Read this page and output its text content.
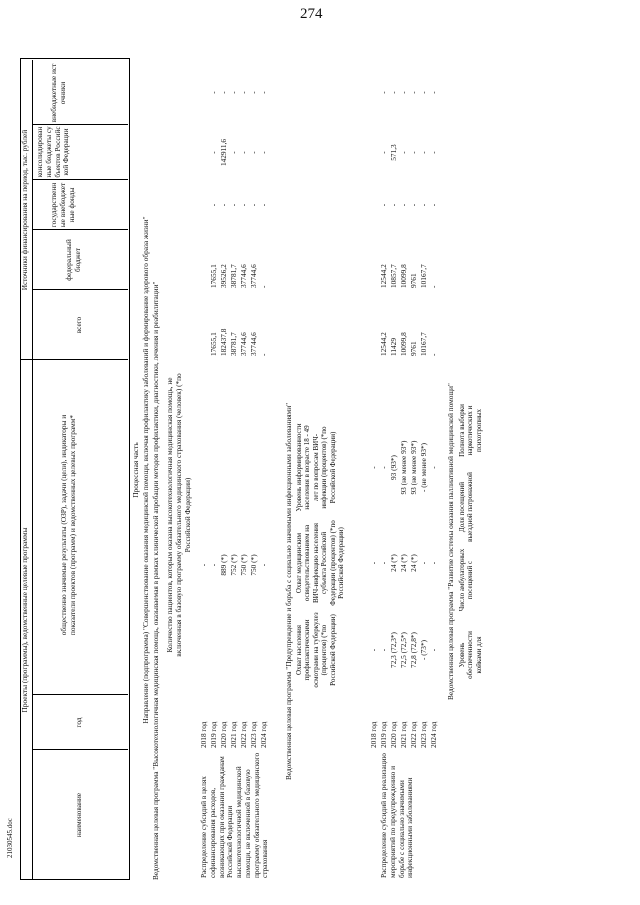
274
21030545.doc
Проекты (программы), ведомственные целевые программы
Источники финансирования на период, тыс. рублей
наименование
год
общественно значимые результаты (ОЗР), задачи (цели), индикаторы и показатели проектов (программ) и ведомственных целевых программ*
всего
федеральный бюджет
государственные внебюджетные фонды
консолидированные бюджеты субъектов Российской Федерации
внебюджетные источники
Процессная часть Направление (подпрограмма) "Совершенствование оказания медицинской помощи, включая профилактику заболеваний и формирование здорового образа жизни" Ведомственная целевая программа "Высокотехнологичная медицинская помощь, оказываемая в рамках клинической апробации методов профилактики, диагностики, лечения и реабилитации" Количество пациентов, которым оказана высокотехнологичная медицинская помощь, не включенная в базовую программу обязательного медицинского страхования (человек) (*по Российской Федерации)
Распределение субсидий в целях софинансирования расходов, возникающих при оказании гражданам Российской Федерации высокотехнологичной медицинской помощи, не включенной в базовую программу обязательного медицинского страхования
2018 год
-
2019 год
-
17655,1
17655,1
-
-
-
2020 год
889 (*)
182437,8
39526,2
-
142911,6
-
2021 год
752 (*)
38781,7
38781,7
-
-
-
2022 год
750 (*)
37744,6
37744,6
-
-
-
2023 год
750 (*)
37744,6
37744,6
-
-
-
2024 год
-
-
-
-
-
-
Ведомственная целевая программа "Предупреждение и борьба с социально значимыми инфекционными заболеваниями" Охват населения профилактическими осмотрами на туберкулез (процентов) (*по Российской Федерации)
Охват медицинским освидетельствованием на ВИЧ-инфекцию населения субъекта Российской Федерации (процентов) (*по Российской Федерации)
Уровень информированности населения в возрасте 18 - 49 лет по вопросам ВИЧ-инфекции (процентов) (*по Российской Федерации)
Распределение субсидий на реализацию мероприятий по предупреждению и борьбе с социально значимыми инфекционными заболеваниями
2018 год
-
-
-
2019 год
-
-
-
12544,2
12544,2
-
-
-
2020 год
72,3 (72,3*)
24 (*)
93 (93*)
11429
10857,7
-
571,3
-
2021 год
72,5 (72,5*)
24 (*)
93 (не менее 93*)
10099,8
10099,8
-
-
-
2022 год
72,8 (72,8*)
24 (*)
93 (не менее 93*)
9761
9761
-
-
-
2023 год
- (73*)
-
- (не менее 93*)
10167,7
10167,7
-
-
-
2024 год
-
-
-
-
-
-
-
-
Ведомственная целевая программа "Развитие системы оказания паллиативной медицинской помощи" Уровень обеспеченности койками для
Число амбулаторных посещений с
Доля посещений выездной патронажной
Полнота выборки наркотических и психотропных
